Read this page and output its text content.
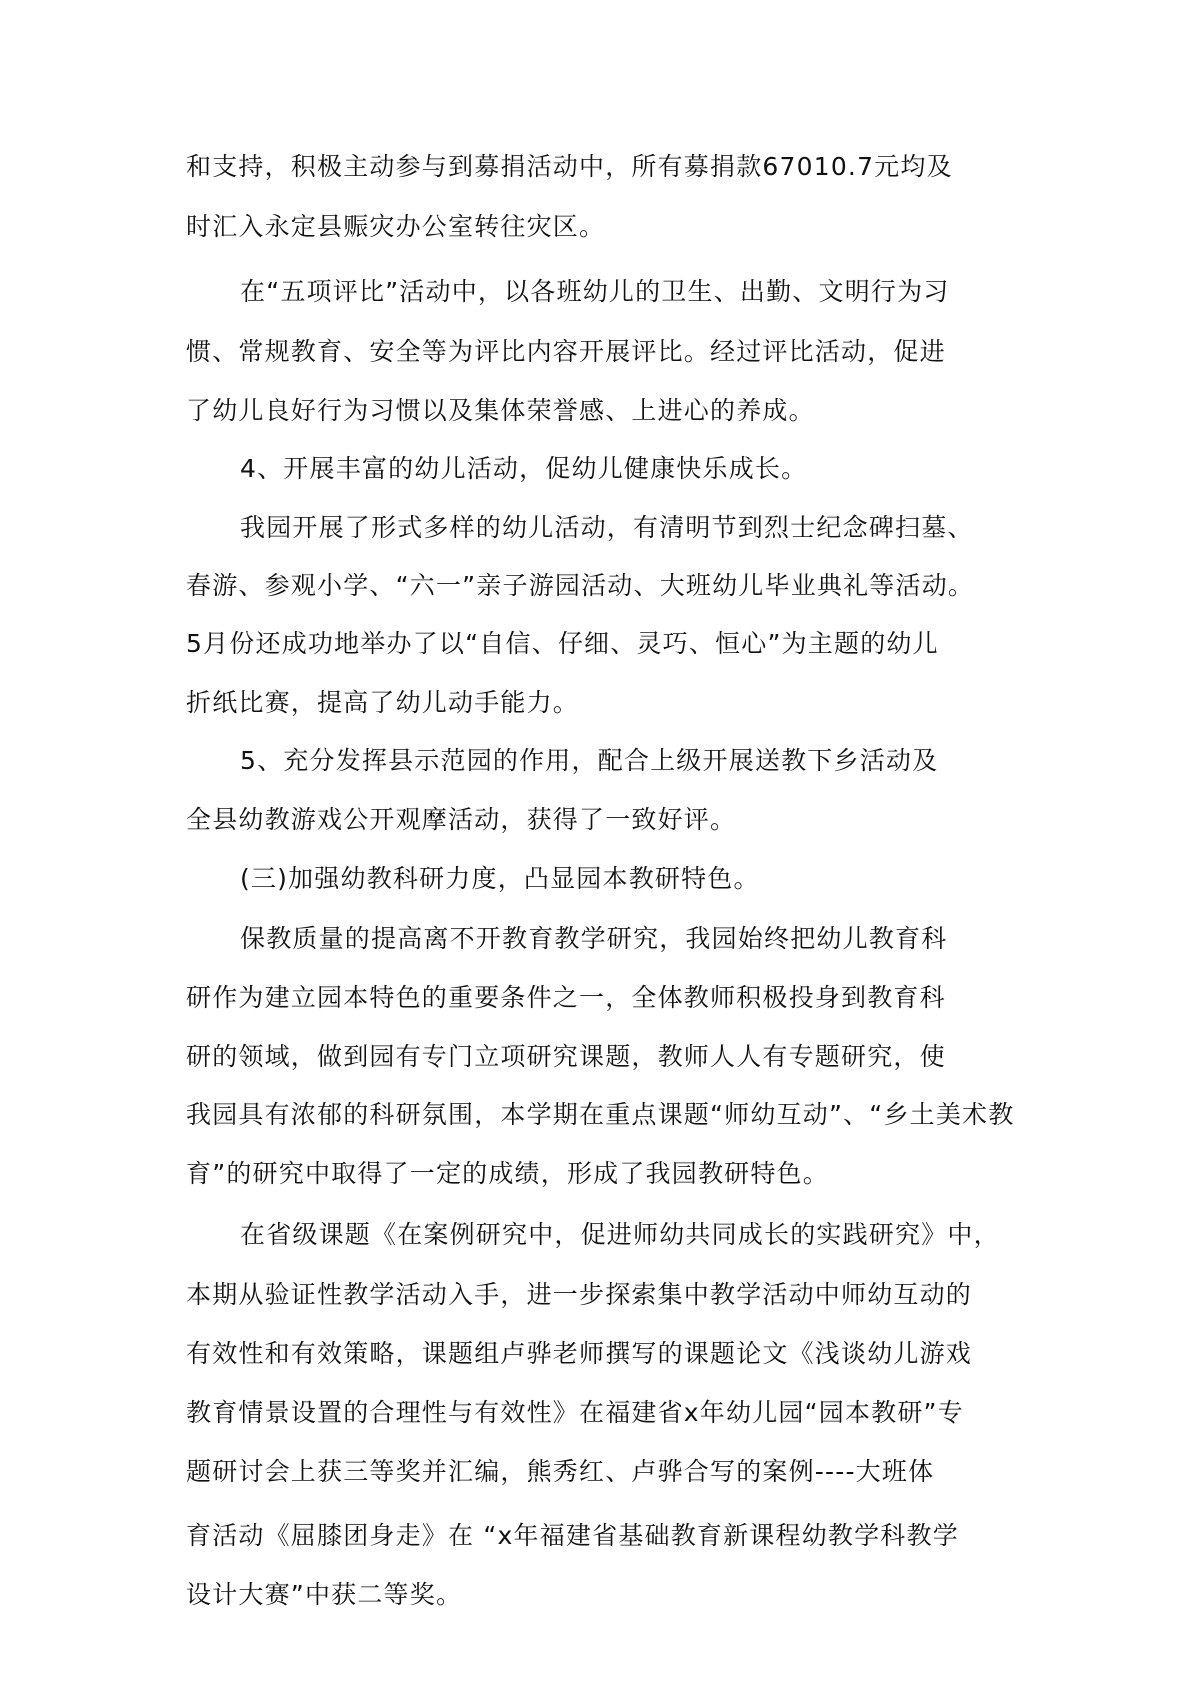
和支持，积极主动参与到募捐活动中，所有募捐款67010.7元均及
时汇入永定县赈灾办公室转往灾区。
在“五项评比”活动中，以各班幼儿的卫生、出勤、文明行为习
惯、常规教育、安全等为评比内容开展评比。经过评比活动，促进
了幼儿良好行为习惯以及集体荣誉感、上进心的养成。
4、开展丰富的幼儿活动，促幼儿健康快乐成长。
我园开展了形式多样的幼儿活动，有清明节到烈士纪念碑扫墓、
春游、参观小学、“六一”亲子游园活动、大班幼儿毕业典礼等活动。
5月份还成功地举办了以“自信、仔细、灵巧、恒心”为主题的幼儿
折纸比赛，提高了幼儿动手能力。
5、充分发挥县示范园的作用，配合上级开展送教下乡活动及
全县幼教游戏公开观摩活动，获得了一致好评。
(三)加强幼教科研力度，凸显园本教研特色。
保教质量的提高离不开教育教学研究，我园始终把幼儿教育科
研作为建立园本特色的重要条件之一，全体教师积极投身到教育科
研的领域，做到园有专门立项研究课题，教师人人有专题研究，使
我园具有浓郁的科研氛围，本学期在重点课题“师幼互动”、“乡土美术教
育”的研究中取得了一定的成绩，形成了我园教研特色。
在省级课题《在案例研究中，促进师幼共同成长的实践研究》中，
本期从验证性教学活动入手，进一步探索集中教学活动中师幼互动的
有效性和有效策略，课题组卢骅老师撰写的课题论文《浅谈幼儿游戏
教育情景设置的合理性与有效性》在福建省x年幼儿园“园本教研”专
题研讨会上获三等奖并汇编，熊秀红、卢骅合写的案例----大班体
育活动《屈膝团身走》在 “x年福建省基础教育新课程幼教学科教学
设计大赛”中获二等奖。
